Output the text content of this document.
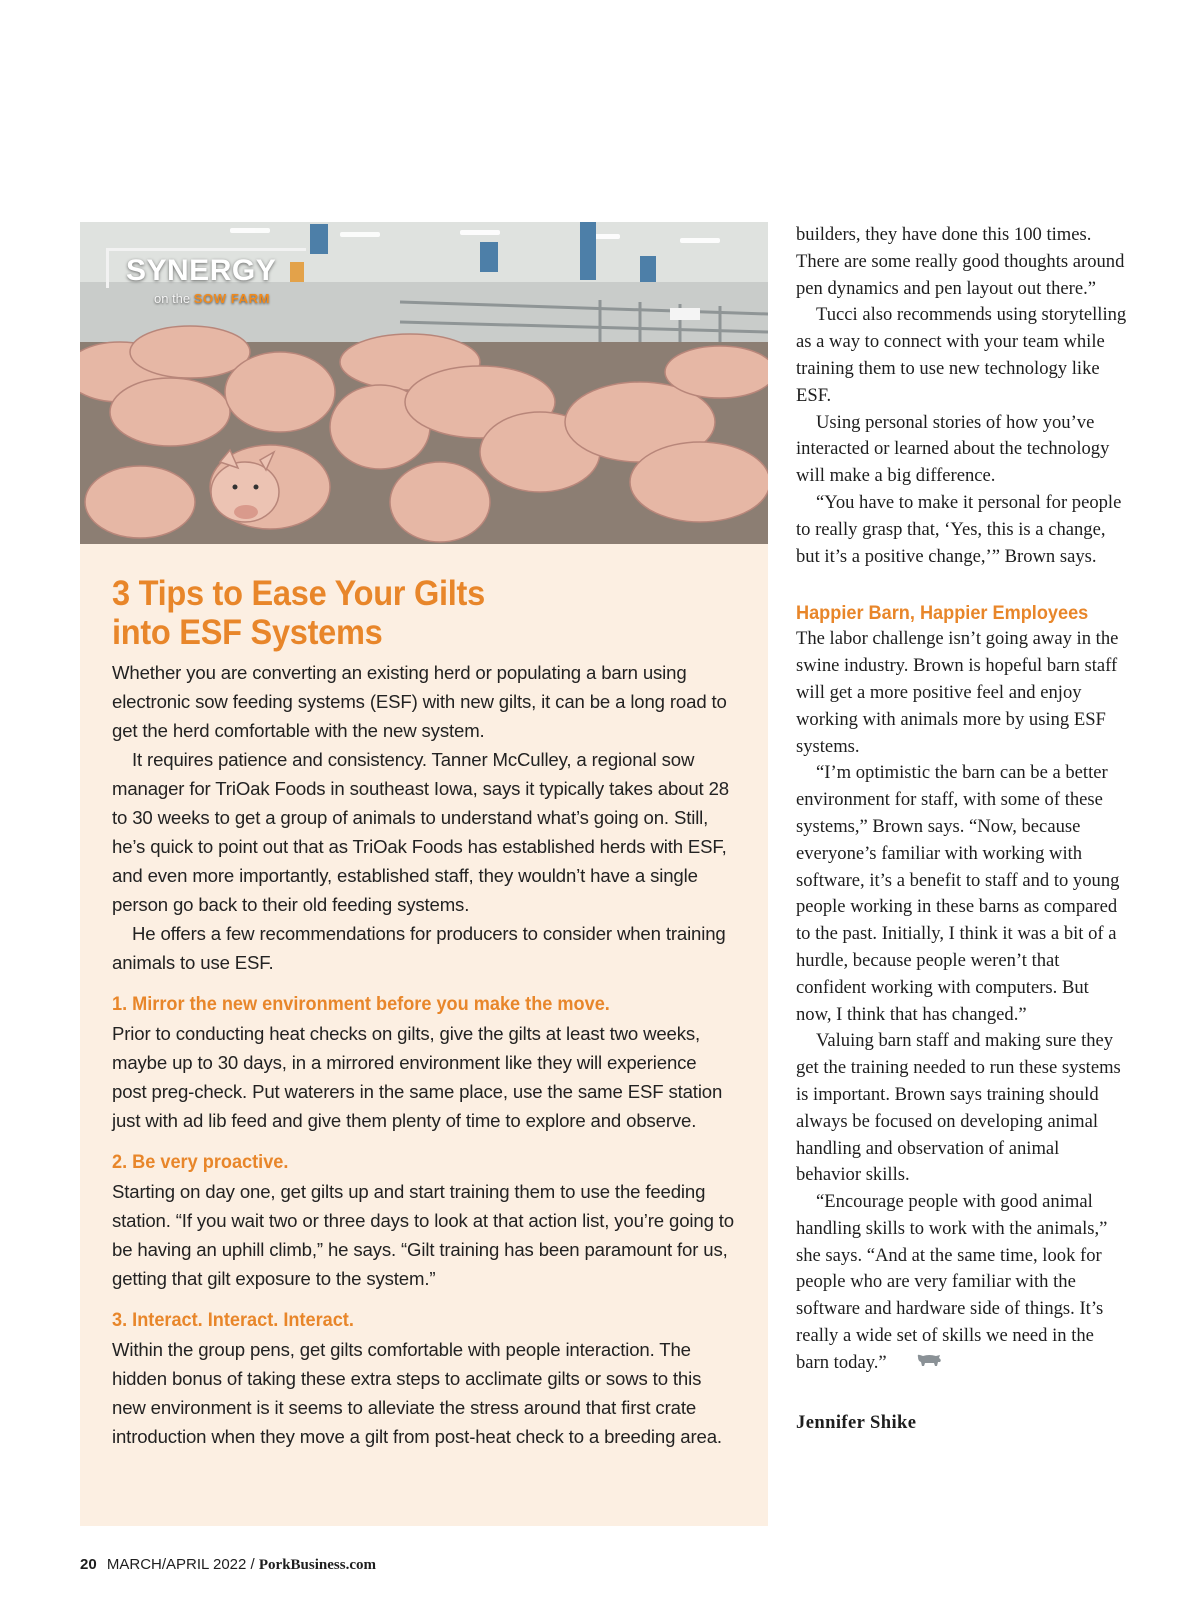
SYNERGY
on the SOW FARM
3 Tips to Ease Your Gilts
into ESF Systems

Whether you are converting an existing herd or populating a barn using electronic sow feeding systems (ESF) with new gilts, it can be a long road to get the herd comfortable with the new system.

It requires patience and consistency. Tanner McCulley, a regional sow manager for TriOak Foods in southeast Iowa, says it typically takes about 28 to 30 weeks to get a group of animals to understand what’s going on. Still, he’s quick to point out that as TriOak Foods has established herds with ESF, and even more importantly, established staff, they wouldn’t have a single person go back to their old feeding systems.

He offers a few recommendations for producers to consider when training animals to use ESF.

1. Mirror the new environment before you make the move.

Prior to conducting heat checks on gilts, give the gilts at least two weeks, maybe up to 30 days, in a mirrored environment like they will experience post preg-check. Put waterers in the same place, use the same ESF station just with ad lib feed and give them plenty of time to explore and observe.

2. Be very proactive.

Starting on day one, get gilts up and start training them to use the feeding station. “If you wait two or three days to look at that action list, you’re going to be having an uphill climb,” he says. “Gilt training has been paramount for us, getting that gilt exposure to the system.”

3. Interact. Interact. Interact.

Within the group pens, get gilts comfortable with people interaction. The hidden bonus of taking these extra steps to acclimate gilts or sows to this new environment is it seems to alleviate the stress around that first crate introduction when they move a gilt from post-heat check to a breeding area.

builders, they have done this 100 times. There are some really good thoughts around pen dynamics and pen layout out there.”

Tucci also recommends using storytelling as a way to connect with your team while training them to use new technology like ESF.

Using personal stories of how you’ve interacted or learned about the technology will make a big difference.

“You have to make it personal for people to really grasp that, ‘Yes, this is a change, but it’s a positive change,’” Brown says.

Happier Barn, Happier Employees

The labor challenge isn’t going away in the swine industry. Brown is hopeful barn staff will get a more positive feel and enjoy working with animals more by using ESF systems.

“I’m optimistic the barn can be a better environment for staff, with some of these systems,” Brown says. “Now, because everyone’s familiar with working with software, it’s a benefit to staff and to young people working in these barns as compared to the past. Initially, I think it was a bit of a hurdle, because people weren’t that confident working with computers. But now, I think that has changed.”

Valuing barn staff and making sure they get the training needed to run these systems is important. Brown says training should always be focused on developing animal handling and observation of animal behavior skills.

“Encourage people with good animal handling skills to work with the animals,” she says. “And at the same time, look for people who are very familiar with the software and hardware side of things. It’s really a wide set of skills we need in the barn today.”

Jennifer Shike
20 MARCH/APRIL 2022 / PorkBusiness.com
